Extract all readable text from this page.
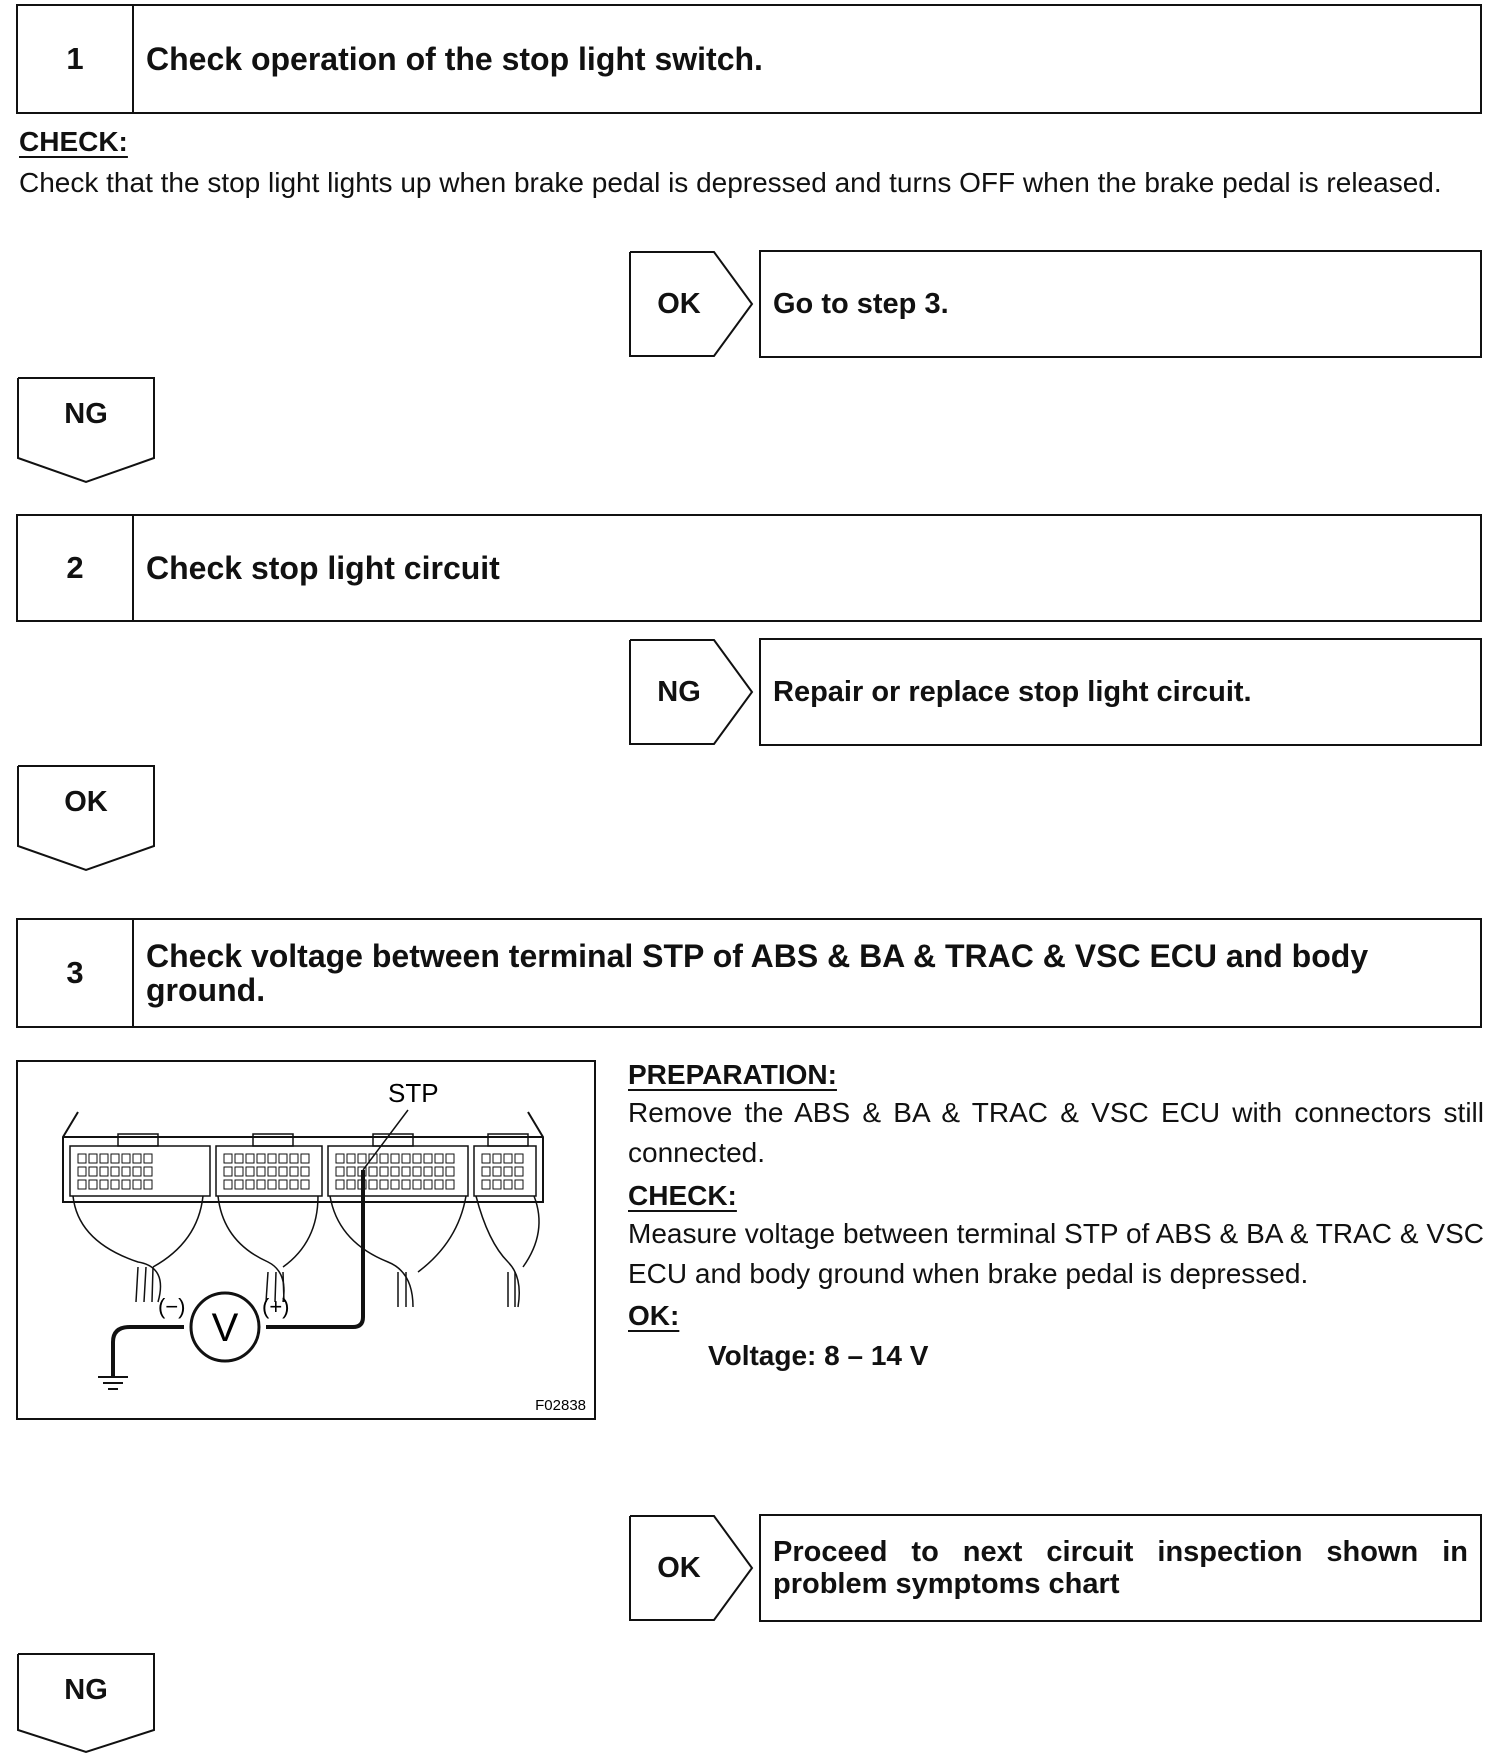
1	Check operation of the stop light switch.
CHECK:
Check that the stop light lights up when brake pedal is depressed and turns OFF when the brake pedal is released.
OK	Go to step 3.
NG
2	Check stop light circuit
NG	Repair or replace stop light circuit.
OK
3	Check voltage between terminal STP of ABS & BA & TRAC & VSC ECU and body ground.
STP
V
(−)	(+)
F02838
PREPARATION:
Remove the ABS & BA & TRAC & VSC ECU with connectors still connected.
CHECK:
Measure voltage between terminal STP of ABS & BA & TRAC & VSC ECU and body ground when brake pedal is depressed.
OK:
Voltage: 8 – 14 V
OK	Proceed to next circuit inspection shown in problem symptoms chart
NG
